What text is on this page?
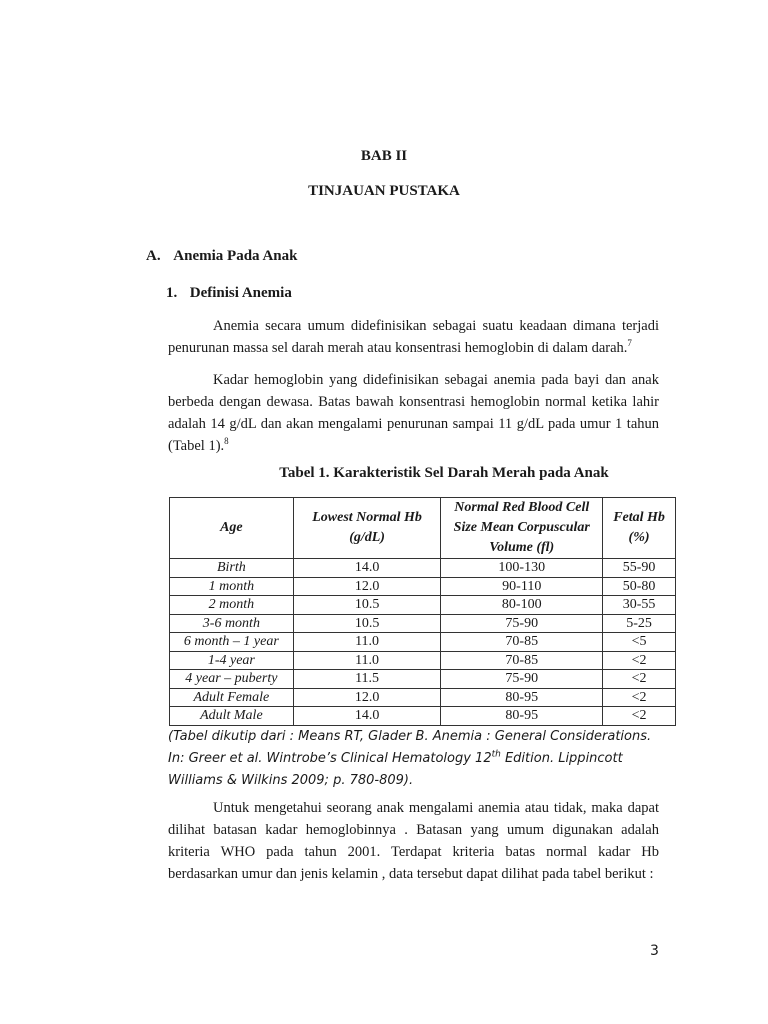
BAB II
TINJAUAN PUSTAKA
A. Anemia Pada Anak
1. Definisi Anemia
Anemia secara umum didefinisikan sebagai suatu keadaan dimana terjadi penurunan massa sel darah merah atau konsentrasi hemoglobin di dalam darah.$^7$
Kadar hemoglobin yang didefinisikan sebagai anemia pada bayi dan anak berbeda dengan dewasa. Batas bawah konsentrasi hemoglobin normal ketika lahir adalah 14 g/dL dan akan mengalami penurunan sampai 11 g/dL pada umur 1 tahun (Tabel 1).$^8$
Tabel 1. Karakteristik Sel Darah Merah pada Anak
Age	Lowest Normal Hb (g/dL)	Normal Red Blood Cell Size Mean Corpuscular Volume (fl)	Fetal Hb (%)
Birth	14.0	100-130	55-90
1 month	12.0	90-110	50-80
2 month	10.5	80-100	30-55
3-6 month	10.5	75-90	5-25
6 month – 1 year	11.0	70-85	<5
1-4 year	11.0	70-85	<2
4 year – puberty	11.5	75-90	<2
Adult Female	12.0	80-95	<2
Adult Male	14.0	80-95	<2
(Tabel dikutip dari : Means RT, Glader B. Anemia : General Considerations. In: Greer et al. Wintrobe’s Clinical Hematology 12th Edition. Lippincott Williams & Wilkins 2009; p. 780-809).
Untuk mengetahui seorang anak mengalami anemia atau tidak, maka dapat dilihat batasan kadar hemoglobinnya . Batasan yang umum digunakan adalah kriteria WHO pada tahun 2001. Terdapat kriteria batas normal kadar Hb berdasarkan umur dan jenis kelamin , data tersebut dapat dilihat pada tabel berikut :
3
